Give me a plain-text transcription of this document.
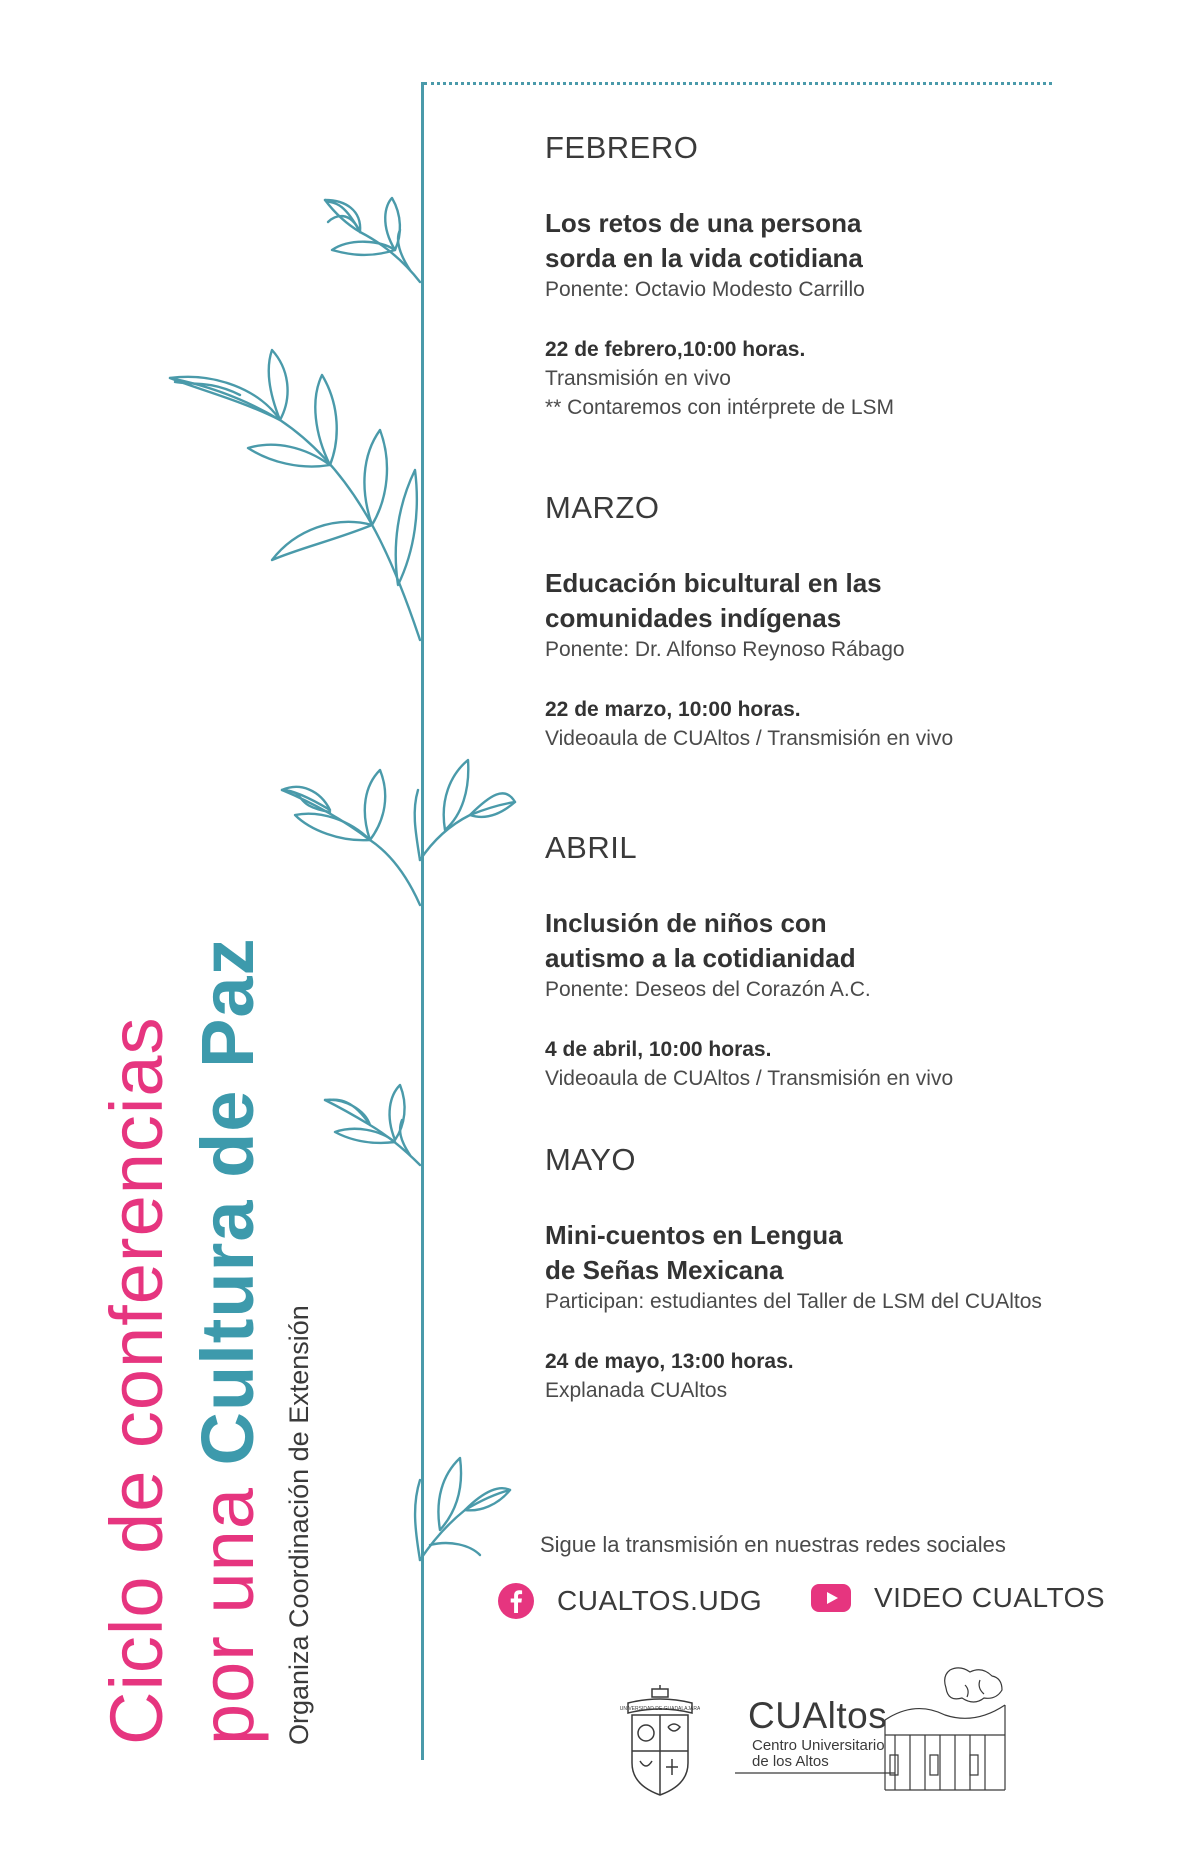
Ciclo de conferencias por una Cultura de Paz
Organiza Coordinación de Extensión
FEBRERO
Los retos de una persona
sorda en la vida cotidiana
Ponente: Octavio Modesto Carrillo
22 de febrero,10:00 horas.
Transmisión en vivo
** Contaremos con intérprete de LSM
MARZO
Educación bicultural en las
comunidades indígenas
Ponente: Dr. Alfonso Reynoso Rábago
22 de marzo, 10:00 horas.
Videoaula de CUAltos / Transmisión en vivo
ABRIL
Inclusión de niños con
autismo a la cotidianidad
Ponente: Deseos del Corazón A.C.
4 de abril, 10:00 horas.
Videoaula de CUAltos / Transmisión en vivo
MAYO
Mini-cuentos en Lengua
de Señas Mexicana
Participan: estudiantes del Taller de LSM del CUAltos
24 de mayo, 13:00 horas.
Explanada CUAltos
Sigue la transmisión en nuestras redes sociales
CUALTOS.UDG	VIDEO CUALTOS
UNIVERSIDAD DE GUADALAJARA CUAltos
Centro Universitario
de los Altos
